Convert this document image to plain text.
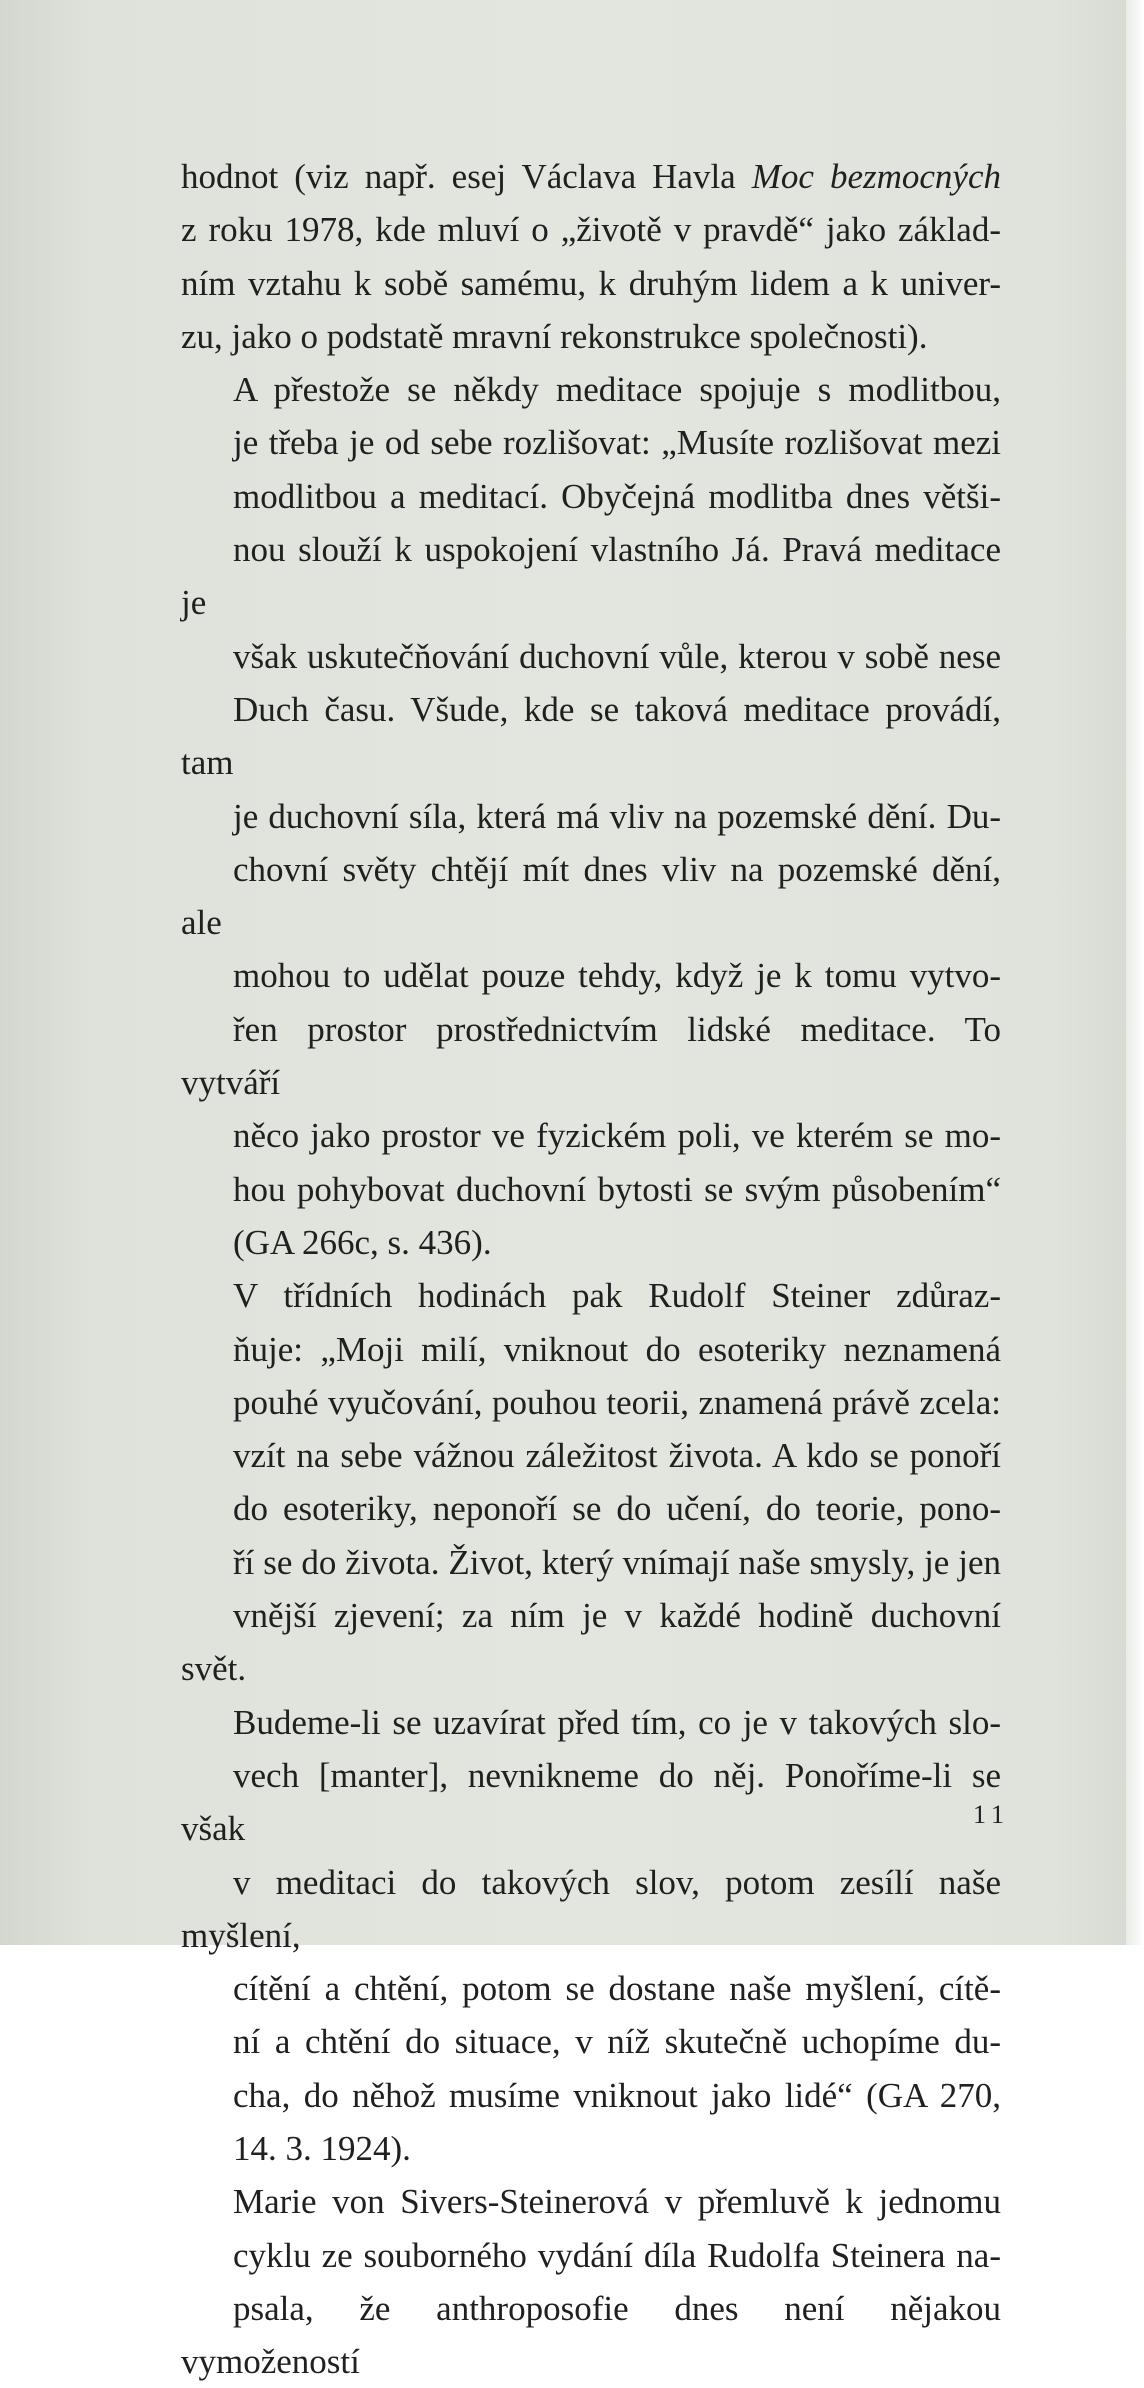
hodnot (viz např. esej Václava Havla Moc bezmocných
z roku 1978, kde mluví o „životě v pravdě“ jako základ-
ním vztahu k sobě samému, k druhým lidem a k univer-
zu, jako o podstatě mravní rekonstrukce společnosti).

A přestože se někdy meditace spojuje s modlitbou,
je třeba je od sebe rozlišovat: „Musíte rozlišovat mezi
modlitbou a meditací. Obyčejná modlitba dnes větši-
nou slouží k uspokojení vlastního Já. Pravá meditace je
však uskutečňování duchovní vůle, kterou v sobě nese
Duch času. Všude, kde se taková meditace provádí, tam
je duchovní síla, která má vliv na pozemské dění. Du-
chovní světy chtějí mít dnes vliv na pozemské dění, ale
mohou to udělat pouze tehdy, když je k tomu vytvo-
řen prostor prostřednictvím lidské meditace. To vytváří
něco jako prostor ve fyzickém poli, ve kterém se mo-
hou pohybovat duchovní bytosti se svým působením“
(GA 266c, s. 436).

V třídních hodinách pak Rudolf Steiner zdůraz-
ňuje: „Moji milí, vniknout do esoteriky neznamená
pouhé vyučování, pouhou teorii, znamená právě zcela:
vzít na sebe vážnou záležitost života. A kdo se ponoří
do esoteriky, neponoří se do učení, do teorie, pono-
ří se do života. Život, který vnímají naše smysly, je jen
vnější zjevení; za ním je v každé hodině duchovní svět.
Budeme-li se uzavírat před tím, co je v takových slo-
vech [manter], nevnikneme do něj. Ponoříme-li se však
v meditaci do takových slov, potom zesílí naše myšlení,
cítění a chtění, potom se dostane naše myšlení, cítě-
ní a chtění do situace, v níž skutečně uchopíme du-
cha, do něhož musíme vniknout jako lidé“ (GA 270,
14. 3. 1924).

Marie von Sivers-Steinerová v přemluvě k jednomu
cyklu ze souborného vydání díla Rudolfa Steinera na-
psala, že anthroposofie dnes není nějakou vymožeností

11
